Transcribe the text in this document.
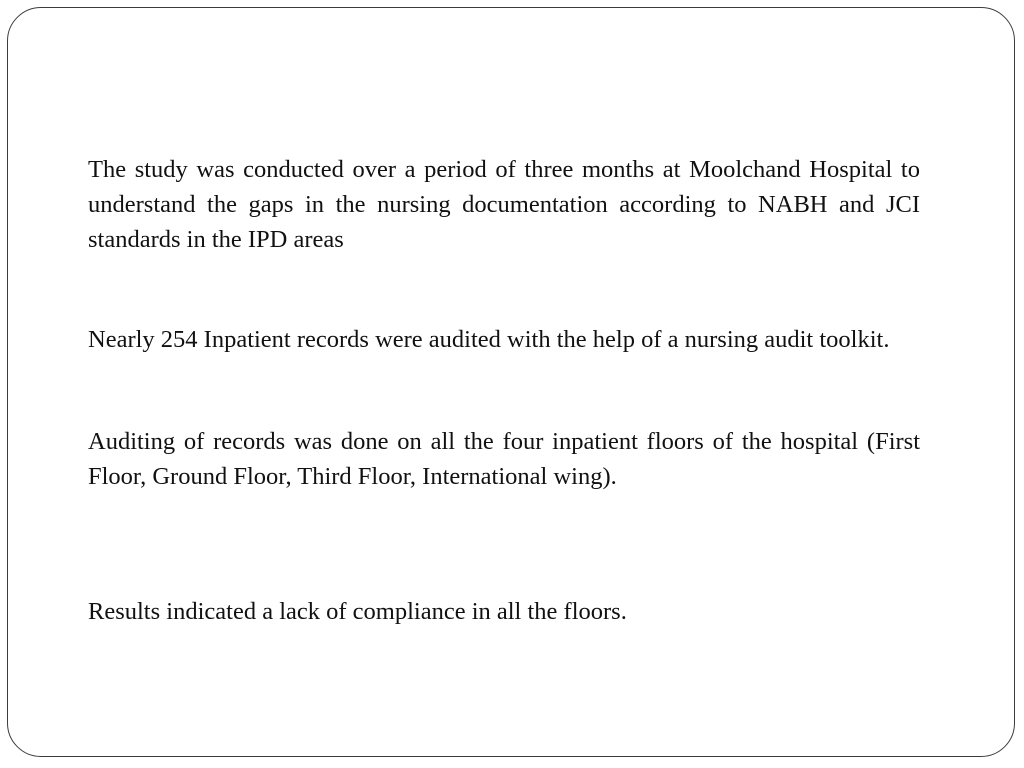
The study was conducted over a period of three months at Moolchand Hospital to understand the gaps in the nursing documentation according to NABH and JCI standards in the IPD areas

Nearly 254 Inpatient records were audited with the help of a nursing audit toolkit.

Auditing of records was done on all the four inpatient floors of the hospital (First Floor, Ground Floor, Third Floor, International wing).

Results indicated a lack of compliance in all the floors.
